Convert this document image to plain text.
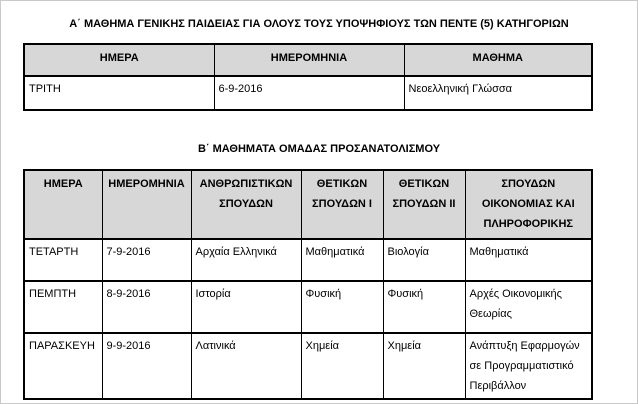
Α΄ ΜΑΘΗΜΑ ΓΕΝΙΚΗΣ ΠΑΙΔΕΙΑΣ ΓΙΑ ΟΛΟΥΣ ΤΟΥΣ ΥΠΟΨΗΦΙΟΥΣ ΤΩΝ ΠΕΝΤΕ (5) ΚΑΤΗΓΟΡΙΩΝ
ΗΜΕΡΑ	ΗΜΕΡΟΜΗΝΙΑ	ΜΑΘΗΜΑ
ΤΡΙΤΗ	6-9-2016	Νεοελληνική Γλώσσα
Β΄ ΜΑΘΗΜΑΤΑ ΟΜΑΔΑΣ ΠΡΟΣΑΝΑΤΟΛΙΣΜΟΥ
ΗΜΕΡΑ	ΗΜΕΡΟΜΗΝΙΑ	ΑΝΘΡΩΠΙΣΤΙΚΩΝ ΣΠΟΥΔΩΝ	ΘΕΤΙΚΩΝ ΣΠΟΥΔΩΝ Ι	ΘΕΤΙΚΩΝ ΣΠΟΥΔΩΝ ΙΙ	ΣΠΟΥΔΩΝ ΟΙΚΟΝΟΜΙΑΣ ΚΑΙ ΠΛΗΡΟΦΟΡΙΚΗΣ
ΤΕΤΑΡΤΗ	7-9-2016	Αρχαία Ελληνικά	Μαθηματικά	Βιολογία	Μαθηματικά
ΠΕΜΠΤΗ	8-9-2016	Ιστορία	Φυσική	Φυσική	Αρχές Οικονομικής Θεωρίας
ΠΑΡΑΣΚΕΥΗ	9-9-2016	Λατινικά	Χημεία	Χημεία	Ανάπτυξη Εφαρμογών σε Προγραμματιστικό Περιβάλλον
